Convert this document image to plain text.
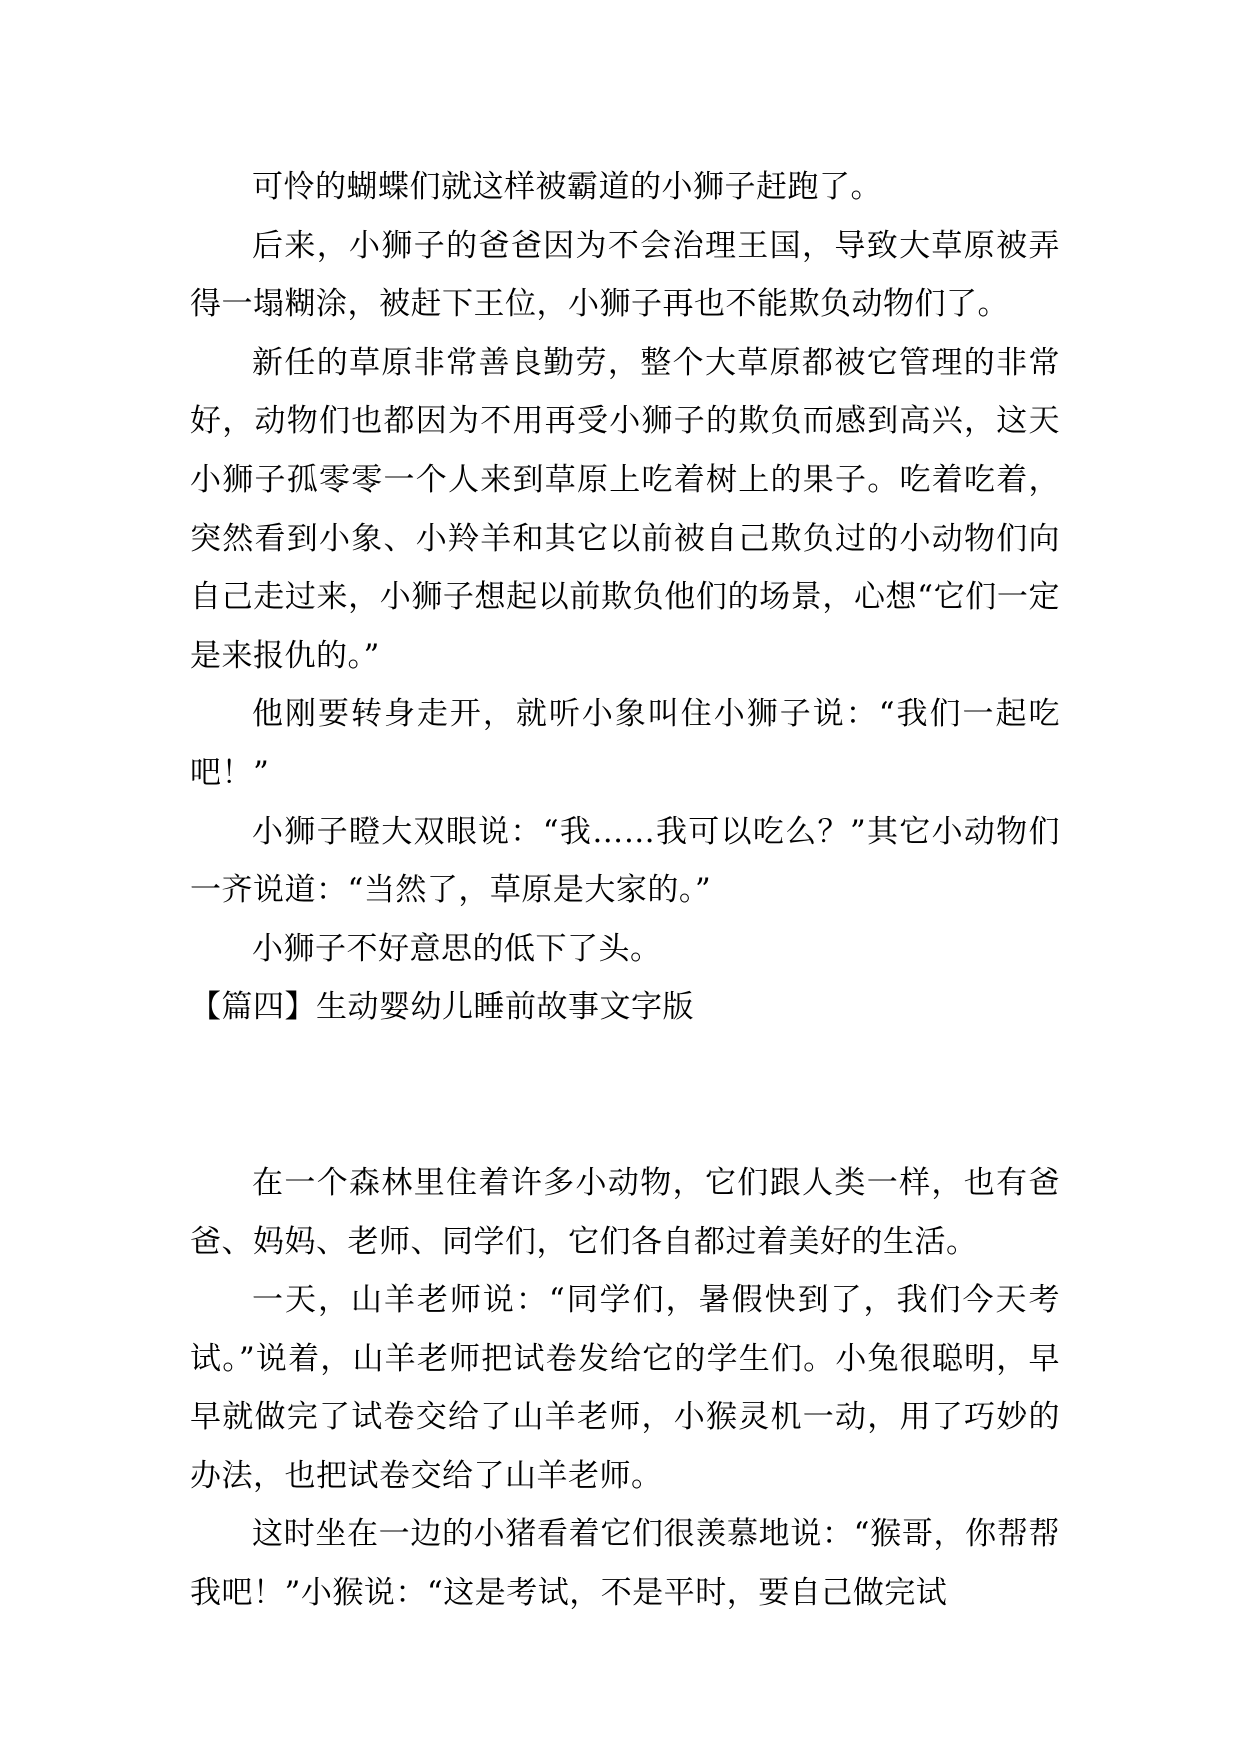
可怜的蝴蝶们就这样被霸道的小狮子赶跑了。

后来，小狮子的爸爸因为不会治理王国，导致大草原被弄得一塌糊涂，被赶下王位，小狮子再也不能欺负动物们了。

新任的草原非常善良勤劳，整个大草原都被它管理的非常好，动物们也都因为不用再受小狮子的欺负而感到高兴，这天小狮子孤零零一个人来到草原上吃着树上的果子。吃着吃着，突然看到小象、小羚羊和其它以前被自己欺负过的小动物们向自己走过来，小狮子想起以前欺负他们的场景，心想“它们一定是来报仇的。”

他刚要转身走开，就听小象叫住小狮子说：“我们一起吃吧！”

小狮子瞪大双眼说：“我……我可以吃么？”其它小动物们一齐说道：“当然了，草原是大家的。”

小狮子不好意思的低下了头。

【篇四】生动婴幼儿睡前故事文字版

在一个森林里住着许多小动物，它们跟人类一样，也有爸爸、妈妈、老师、同学们，它们各自都过着美好的生活。

一天，山羊老师说：“同学们，暑假快到了，我们今天考试。”说着，山羊老师把试卷发给它的学生们。小兔很聪明，早早就做完了试卷交给了山羊老师，小猴灵机一动，用了巧妙的办法，也把试卷交给了山羊老师。

这时坐在一边的小猪看着它们很羡慕地说：“猴哥，你帮帮我吧！”小猴说：“这是考试，不是平时，要自己做完试
